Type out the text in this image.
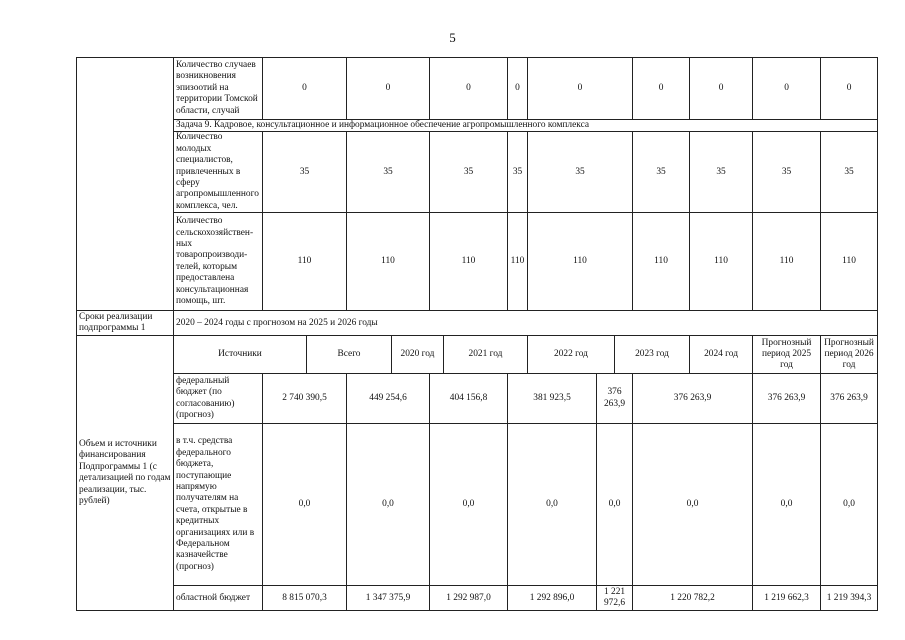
5
	Количество случаев возникновения эпизоотий на территории Томской области, случай	0		0		0		0	0			0	0	0	0
	Задача 9. Кадровое, консультационное и информационное обеспечение агропромышленного комплекса														
	Количество молодых специалистов, привлеченных в сферу агропромышленного комплекса, чел.	35		35		35		35	35			35	35	35	35
	Количество сельскохозяйствен-ных товаропроизводи-телей, которым предоставлена консультационная помощь, шт.	110		110		110		110	110			110	110	110	110
Сроки реализации подпрограммы 1	2020 – 2024 годы с прогнозом на 2025 и 2026 годы														
Объем и источники финансирования Подпрограммы 1 (с детализацией по годам реализации, тыс. рублей)	Источники		Всего		2020 год		2021 год		2022 год		2023 год		2024 год	Прогнозный период 2025 год	Прогнозный период 2026 год
	федеральный бюджет (по согласованию) (прогноз)	2 740 390,5		449 254,6		404 156,8		381 923,5		376 263,9		376 263,9		376 263,9	376 263,9
	в т.ч. средства федерального бюджета, поступающие напрямую получателям на счета, открытые в кредитных организациях или в Федеральном казначействе (прогноз)	0,0		0,0		0,0		0,0		0,0		0,0		0,0	0,0
	областной бюджет	8 815 070,3		1 347 375,9		1 292 987,0		1 292 896,0		1 221 972,6		1 220 782,2		1 219 662,3	1 219 394,3
